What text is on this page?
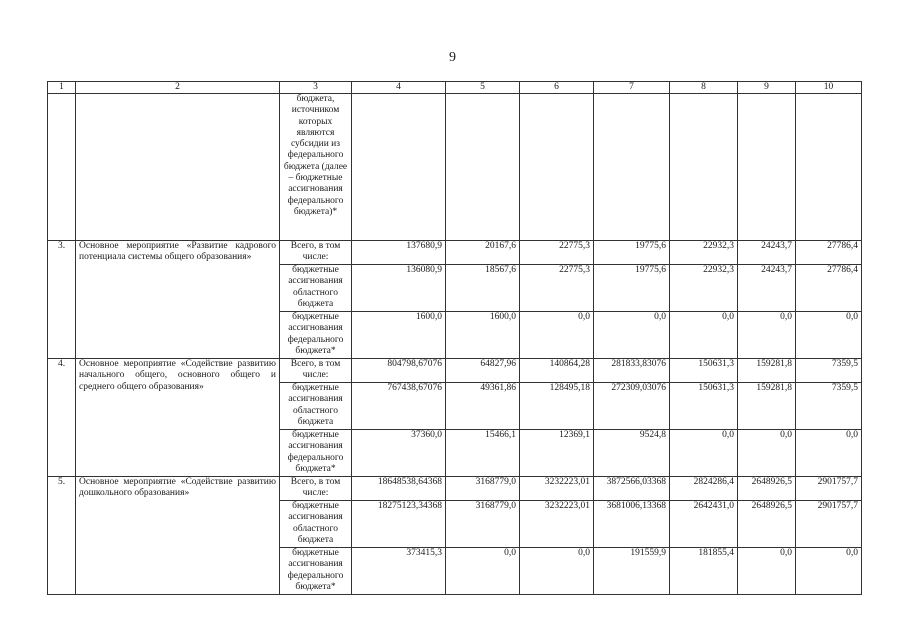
9
1	2	3	4	5	6	7	8	9	10
		бюджета, источником которых являются субсидии из федерального бюджета (далее – бюджетные ассигнования федерального бюджета)*							
3.	Основное мероприятие «Развитие кадрового потенциала системы общего образования»	Всего, в том числе:	137680,9	20167,6	22775,3	19775,6	22932,3	24243,7	27786,4
		бюджетные ассигнования областного бюджета	136080,9	18567,6	22775,3	19775,6	22932,3	24243,7	27786,4
		бюджетные ассигнования федерального бюджета*	1600,0	1600,0	0,0	0,0	0,0	0,0	0,0
4.	Основное мероприятие «Содействие развитию начального общего, основного общего и среднего общего образования»	Всего, в том числе:	804798,67076	64827,96	140864,28	281833,83076	150631,3	159281,8	7359,5
		бюджетные ассигнования областного бюджета	767438,67076	49361,86	128495,18	272309,03076	150631,3	159281,8	7359,5
		бюджетные ассигнования федерального бюджета*	37360,0	15466,1	12369,1	9524,8	0,0	0,0	0,0
5.	Основное мероприятие «Содействие развитию дошкольного образования»	Всего, в том числе:	18648538,64368	3168779,0	3232223,01	3872566,03368	2824286,4	2648926,5	2901757,7
		бюджетные ассигнования областного бюджета	18275123,34368	3168779,0	3232223,01	3681006,13368	2642431,0	2648926,5	2901757,7
		бюджетные ассигнования федерального бюджета*	373415,3	0,0	0,0	191559,9	181855,4	0,0	0,0
